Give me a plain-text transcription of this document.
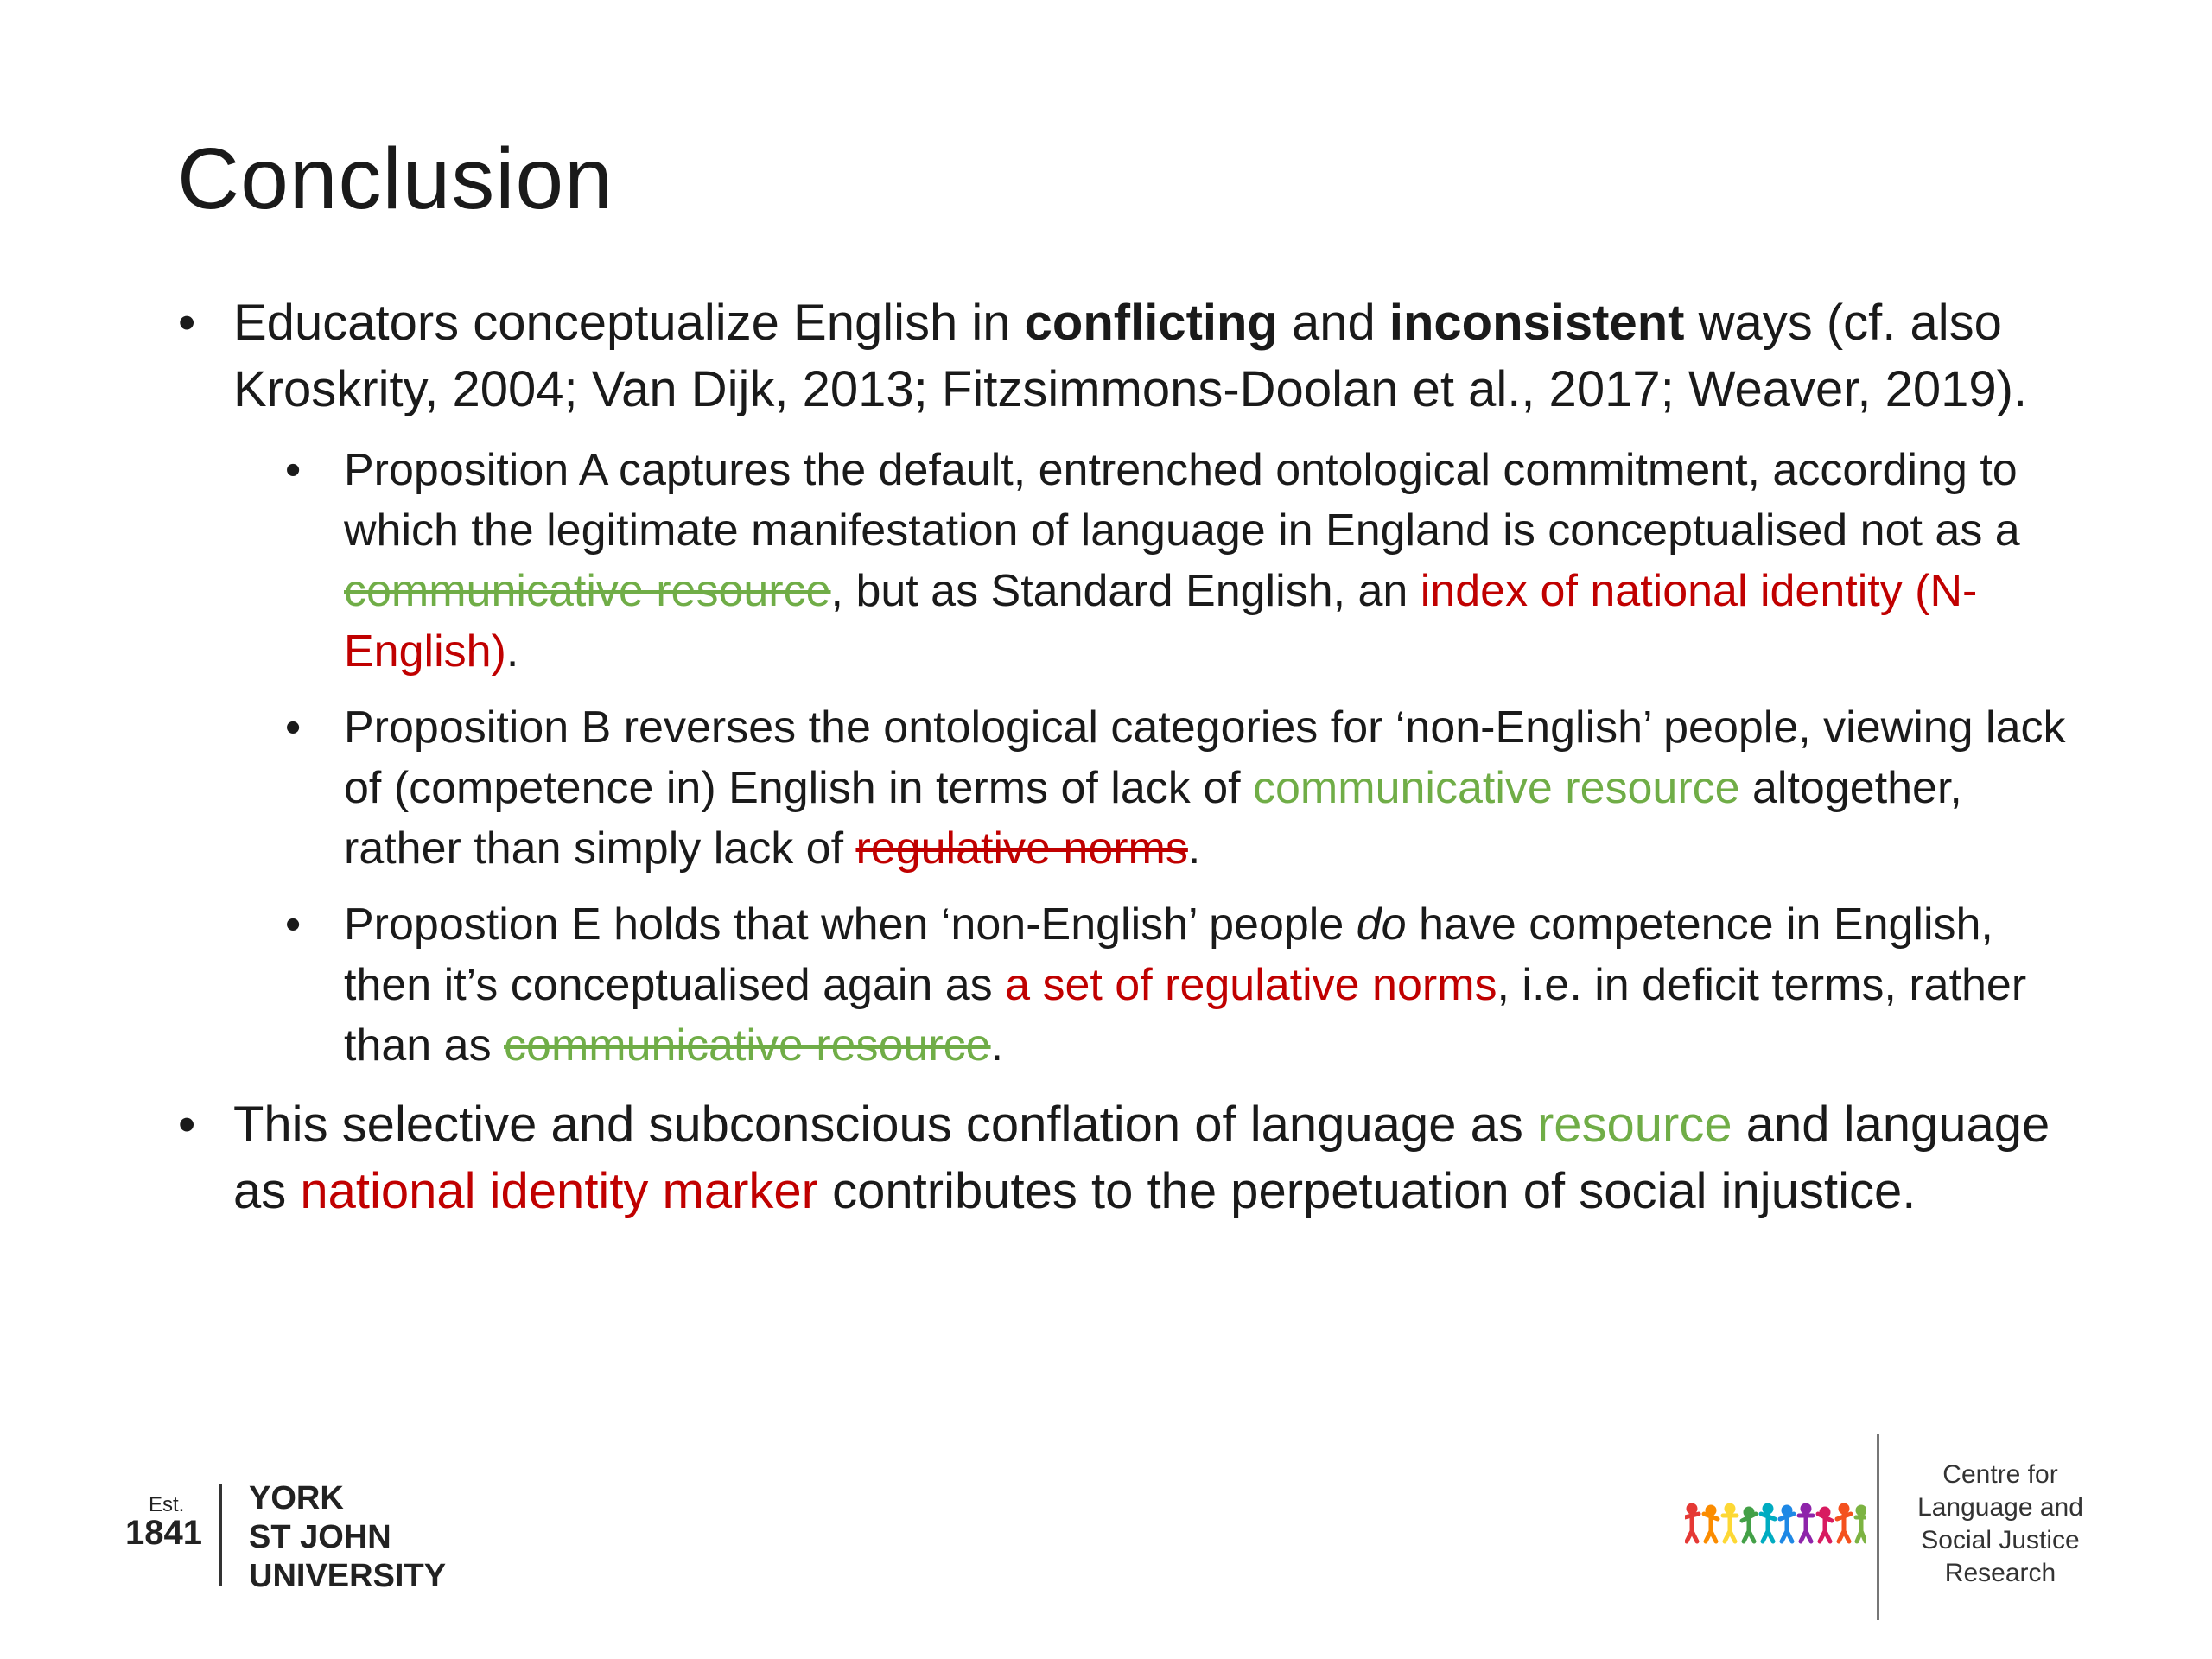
Conclusion
• Educators conceptualize English in conflicting and inconsistent ways (cf. also Kroskrity, 2004; Van Dijk, 2013; Fitzsimmons-Doolan et al., 2017; Weaver, 2019).
• Proposition A captures the default, entrenched ontological commitment, according to which the legitimate manifestation of language in England is conceptualised not as a communicative resource, but as Standard English, an index of national identity (N-English).
• Proposition B reverses the ontological categories for ‘non-English’ people, viewing lack of (competence in) English in terms of lack of communicative resource altogether, rather than simply lack of regulative norms.
• Propostion E holds that when ‘non-English’ people do have competence in English, then it’s conceptualised again as a set of regulative norms, i.e. in deficit terms, rather than as communicative resource.
• This selective and subconscious conflation of language as resource and language as national identity marker contributes to the perpetuation of social injustice.
Est.
1841
YORK
ST JOHN
UNIVERSITY
Centre for
Language and
Social Justice
Research
